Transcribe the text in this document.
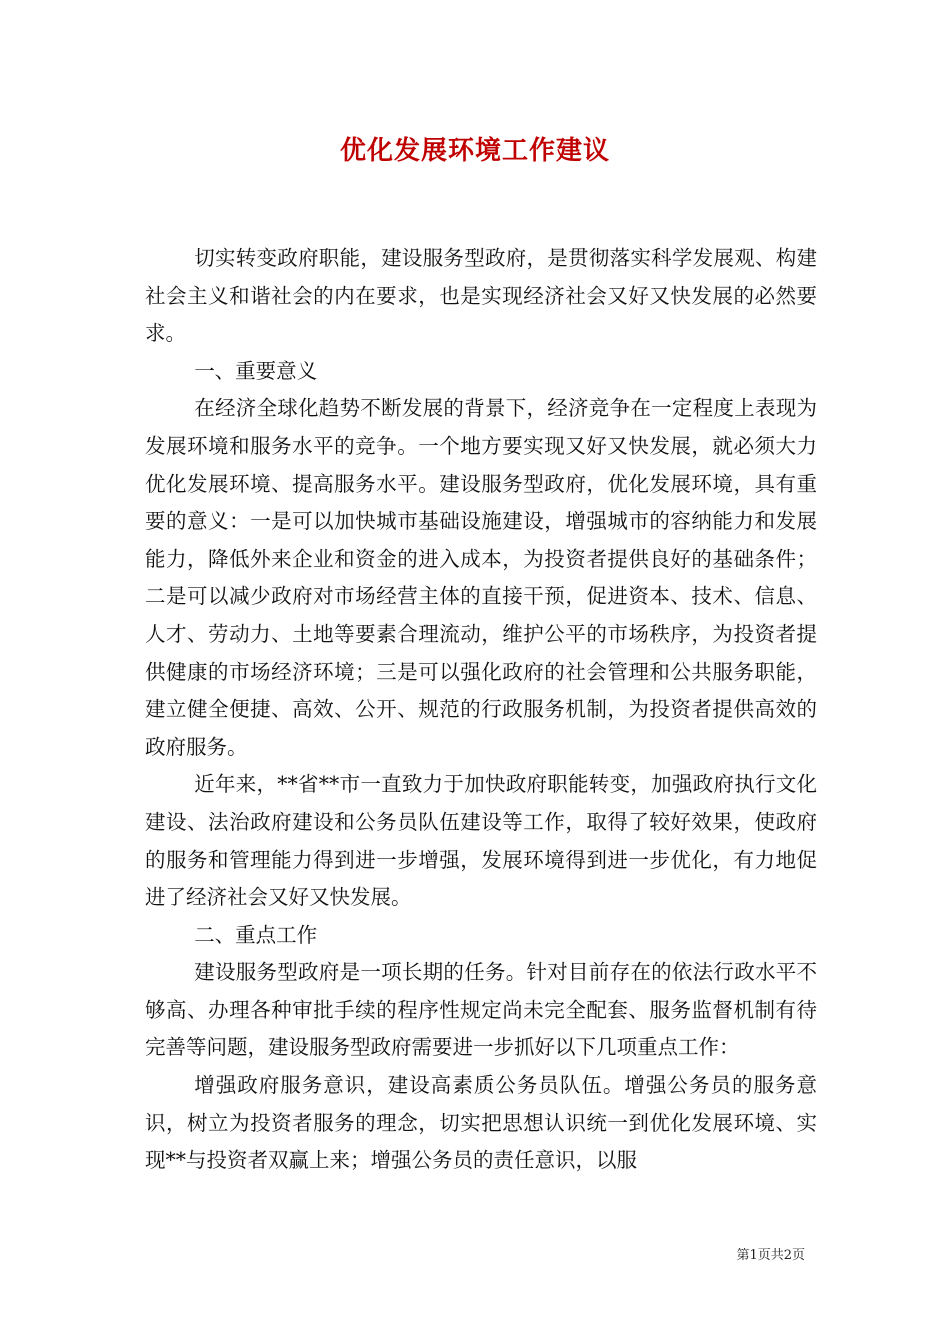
优化发展环境工作建议

切实转变政府职能，建设服务型政府，是贯彻落实科学发展观、构建社会主义和谐社会的内在要求，也是实现经济社会又好又快发展的必然要求。

一、重要意义

在经济全球化趋势不断发展的背景下，经济竞争在一定程度上表现为发展环境和服务水平的竞争。一个地方要实现又好又快发展，就必须大力优化发展环境、提高服务水平。建设服务型政府，优化发展环境，具有重要的意义：一是可以加快城市基础设施建设，增强城市的容纳能力和发展能力，降低外来企业和资金的进入成本，为投资者提供良好的基础条件；二是可以减少政府对市场经营主体的直接干预，促进资本、技术、信息、人才、劳动力、土地等要素合理流动，维护公平的市场秩序，为投资者提供健康的市场经济环境；三是可以强化政府的社会管理和公共服务职能，建立健全便捷、高效、公开、规范的行政服务机制，为投资者提供高效的政府服务。

近年来，**省**市一直致力于加快政府职能转变，加强政府执行文化建设、法治政府建设和公务员队伍建设等工作，取得了较好效果，使政府的服务和管理能力得到进一步增强，发展环境得到进一步优化，有力地促进了经济社会又好又快发展。

二、重点工作

建设服务型政府是一项长期的任务。针对目前存在的依法行政水平不够高、办理各种审批手续的程序性规定尚未完全配套、服务监督机制有待完善等问题，建设服务型政府需要进一步抓好以下几项重点工作：

增强政府服务意识，建设高素质公务员队伍。增强公务员的服务意识，树立为投资者服务的理念，切实把思想认识统一到优化发展环境、实现**与投资者双赢上来；增强公务员的责任意识，以服

第1页共2页
